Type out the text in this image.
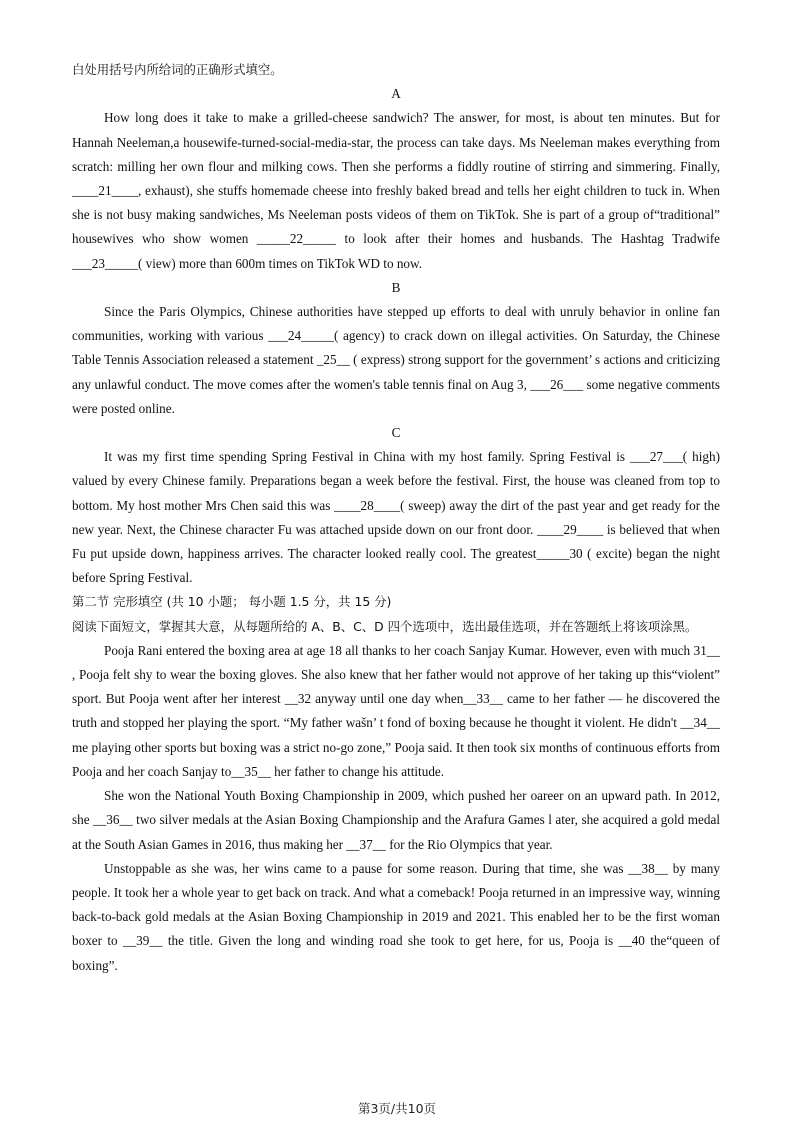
白处用括号内所给词的正确形式填空。

A

How long does it take to make a grilled-cheese sandwich? The answer, for most, is about ten minutes. But for Hannah Neeleman,a housewife-turned-social-media-star, the process can take days. Ms Neeleman makes everything from scratch: milling her own flour and milking cows. Then she performs a fiddly routine of stirring and simmering. Finally, ____21____, exhaust), she stuffs homemade cheese into freshly baked bread and tells her eight children to tuck in. When she is not busy making sandwiches, Ms Neeleman posts videos of them on TikTok. She is part of a group of“traditional” housewives who show women _____22_____ to look after their homes and husbands. The Hashtag Tradwife ___23_____( view) more than 600m times on TikTok WD to now.

B

Since the Paris Olympics, Chinese authorities have stepped up efforts to deal with unruly behavior in online fan communities, working with various ___24_____( agency) to crack down on illegal activities. On Saturday, the Chinese Table Tennis Association released a statement _25__ ( express) strong support for the government’ s actions and criticizing any unlawful conduct. The move comes after the women's table tennis final on Aug 3, ___26___ some negative comments were posted online.

C

It was my first time spending Spring Festival in China with my host family. Spring Festival is ___27___( high) valued by every Chinese family. Preparations began a week before the festival. First, the house was cleaned from top to bottom. My host mother Mrs Chen said this was ____28____( sweep) away the dirt of the past year and get ready for the new year. Next, the Chinese character Fu was attached upside down on our front door. ____29____ is believed that when Fu put upside down, happiness arrives. The character looked really cool. The greatest_____30 ( excite) began the night before Spring Festival.

第二节 完形填空 (共 10 小题； 每小题 1.5 分，共 15 分)

阅读下面短文，掌握其大意，从每题所给的 A、B、C、D 四个选项中，选出最佳选项，并在答题纸上将该项涂黑。

Pooja Rani entered the boxing area at age 18 all thanks to her coach Sanjay Kumar. However, even with much 31__ , Pooja felt shy to wear the boxing gloves. She also knew that her father would not approve of her taking up this“violent” sport. But Pooja went after her interest __32 anyway until one day when__33__ came to her father — he discovered the truth and stopped her playing the sport. “My father wašn’ t fond of boxing because he thought it violent. He didn't __34__ me playing other sports but boxing was a strict no-go zone,” Pooja said. It then took six months of continuous efforts from Pooja and her coach Sanjay to__35__ her father to change his attitude.

She won the National Youth Boxing Championship in 2009, which pushed her oareer on an upward path. In 2012, she __36__ two silver medals at the Asian Boxing Championship and the Arafura Games l ater, she acquired a gold medal at the South Asian Games in 2016, thus making her __37__ for the Rio Olympics that year.

Unstoppable as she was, her wins came to a pause for some reason. During that time, she was __38__ by many people. It took her a whole year to get back on track. And what a comeback! Pooja returned in an impressive way, winning back-to-back gold medals at the Asian Boxing Championship in 2019 and 2021. This enabled her to be the first woman boxer to __39__ the title. Given the long and winding road she took to get here, for us, Pooja is __40 the“queen of boxing”.

第3页/共10页
